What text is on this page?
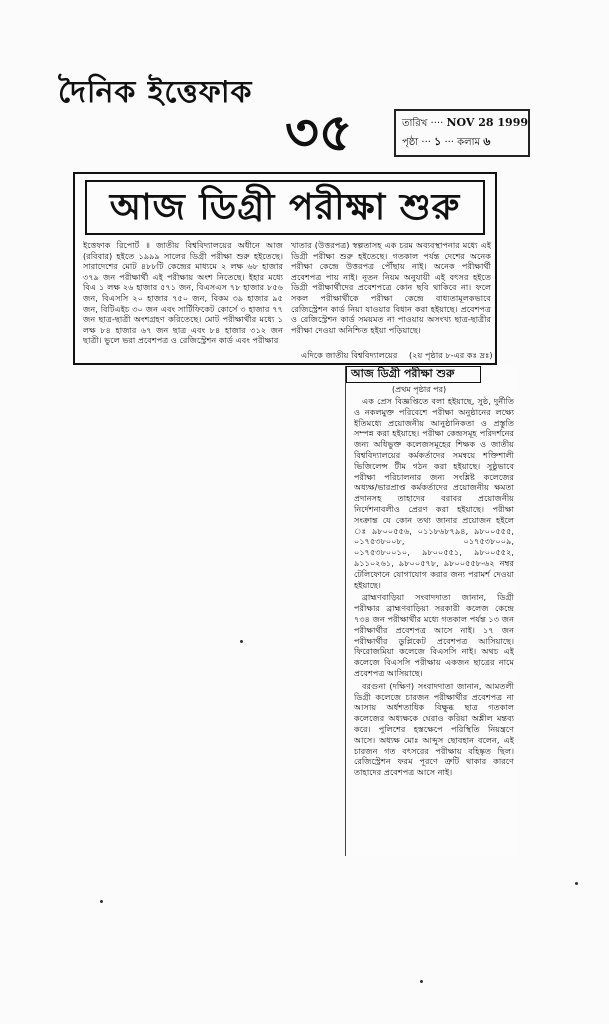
দৈনিক ইত্তেফাক
৩৫	তারিখ ···· NOV 28 1999
পৃষ্ঠা ··· ১ ··· কলাম ৬
আজ ডিগ্রী পরীক্ষা শুরু
ইত্তেফাক রিপোর্ট ॥ জাতীয় বিশ্ববিদ্যালয়ের অধীনে আজ (রবিবার) হইতে ১৯৯৯ সালের ডিগ্রী পরীক্ষা শুরু হইতেছে। সারাদেশের মোট ৪৮৮টি কেন্দ্রের মাধ্যমে ২ লক্ষ ৬৮ হাজার ৩৭৯ জন পরীক্ষার্থী এই পরীক্ষায় অংশ নিতেছে। ইহার মধ্যে বিএ ১ লক্ষ ২৬ হাজার ৫৭১ জন, বিএসএস ৭৮ হাজার ৮৫৬ জন, বিএসসি ২০ হাজার ৭৫০ জন, বিকম ৩৯ হাজার ৯৫ জন, বিটিএইচ ৩০ জন এবং সার্টিফিকেট কোর্সে ৩ হাজার ৭৭ জন ছাত্র-ছাত্রী অংশগ্রহণ করিতেছে। মোট পরীক্ষার্থীর মধ্যে ১ লক্ষ ৮৪ হাজার ৬৭ জন ছাত্র এবং ৮৪ হাজার ৩১২ জন ছাত্রী। ভুলে ভরা প্রবেশপত্র ও রেজিস্ট্রেশন কার্ড এবং পরীক্ষার
খাতার (উত্তরপত্র) স্বল্পতাসহ এক চরম অব্যবস্থাপনার মধ্যে এই ডিগ্রী পরীক্ষা শুরু হইতেছে। গতকাল পর্যন্ত দেশের অনেক পরীক্ষা কেন্দ্রে উত্তরপত্র পৌঁছায় নাই। অনেক পরীক্ষার্থী প্রবেশপত্র পায় নাই। নূতন নিয়ম অনুযায়ী এই বৎসর হইতে ডিগ্রী পরীক্ষার্থীদের প্রবেশপত্রে কোন ছবি থাকিবে না। ফলে সকল পরীক্ষার্থীকে পরীক্ষা কেন্দ্রে বাধ্যতামূলকভাবে রেজিস্ট্রেশন কার্ড নিয়া যাওয়ার বিধান করা হইয়াছে। প্রবেশপত্র ও রেজিস্ট্রেশন কার্ড সময়মত না পাওয়ায় অসংখ্য ছাত্র-ছাত্রীর পরীক্ষা দেওয়া অনিশ্চিত হইয়া পড়িয়াছে।
এদিকে জাতীয় বিশ্ববিদ্যালয়ের	(২য় পৃষ্ঠার ৮-এর কঃ দ্রঃ)
আজ ডিগ্রী পরীক্ষা শুরু
(প্রথম পৃষ্ঠার পর)

এক প্রেস বিজ্ঞপ্তিতে বলা হইয়াছে, সুষ্ঠ, দুর্নীতি ও নকলমুক্ত পরিবেশে পরীক্ষা অনুষ্ঠানের লক্ষ্যে ইতিমধ্যে প্রয়োজনীয় আনুষ্ঠানিকতা ও প্রস্তুতি সম্পন্ন করা হইয়াছে। পরীক্ষা কেন্দ্রসমূহ পরিদর্শনের জন্য অধিভুক্ত কলেজসমূহের শিক্ষক ও জাতীয় বিশ্ববিদ্যালয়ের কর্মকর্তাদের সমন্বয়ে শক্তিশালী ভিজিলেন্স টীম গঠন করা হইয়াছে। সুষ্ঠুভাবে পরীক্ষা পরিচালনার জন্য সংশ্লিষ্ট কলেজের অধ্যক্ষ/ভারপ্রাপ্ত কর্মকর্তাদের প্রয়োজনীয় ক্ষমতা প্রদানসহ তাহাদের বরাবর প্রয়োজনীয় নির্দেশনাবলীও প্রেরণ করা হইয়াছে। পরীক্ষা সংক্রান্ত যে কোন তথ্য জানার প্রয়োজন হইলে ঃ ৯৮০০৫৫৬, ০১১৮৬৮৭৯৪, ৯৮০০৫৫৫, ০১৭৫৩৮০০৮, ০১৭৫৩৮০০৯, ০১৭৫৩৮০০১০, ৯৮০০৫৫১, ৯৮০০৫৫২, ৯১১০২৬১, ৯৮০০৫৭৮, ৯৮০০৫৫৮-৬২ নম্বর টেলিফোনে যোগাযোগ করার জন্য পরামর্শ দেওয়া হইয়াছে।

ব্রাহ্মণবাড়িয়া সংবাদদাতা জানান, ডিগ্রী পরীক্ষার ব্রাহ্মণবাড়িয়া সরকারী কলেজ কেন্দ্রে ৭৩৪ জন পরীক্ষার্থীর মধ্যে গতকাল পর্যন্ত ১৩ জন পরীক্ষার্থীর প্রবেশপত্র আসে নাই। ১৭ জন পরীক্ষার্থীর ডুপ্লিকেট প্রবেশপত্র আসিয়াছে। ফিরোজমিয়া কলেজে বিএসসি নাই। অথচ এই কলেজে বিএসসি পরীক্ষায় একজন ছাত্রের নামে প্রবেশপত্র আসিয়াছে।

বরগুনা (দক্ষিণ) সংবাদদাতা জানান, আমতলী ডিগ্রী কলেজে চারজন পরীক্ষার্থীর প্রবেশপত্র না আসায় অর্ধশতাধিক বিক্ষুব্ধ ছাত্র গতকাল কলেজের অধ্যক্ষকে ঘেরাও করিয়া অশ্লীল মন্তব্য করে। পুলিশের হস্তক্ষেপে পরিস্থিতি নিয়ন্ত্রণে আসে। অধ্যক্ষ মোঃ আব্দুস ছোবহান বলেন, এই চারজন গত বৎসরের পরীক্ষায় বহিষ্কৃত ছিল। রেজিস্ট্রেশন ফরম পূরণে ত্রুটি থাকার কারণে তাহাদের প্রবেশপত্র আসে নাই।
